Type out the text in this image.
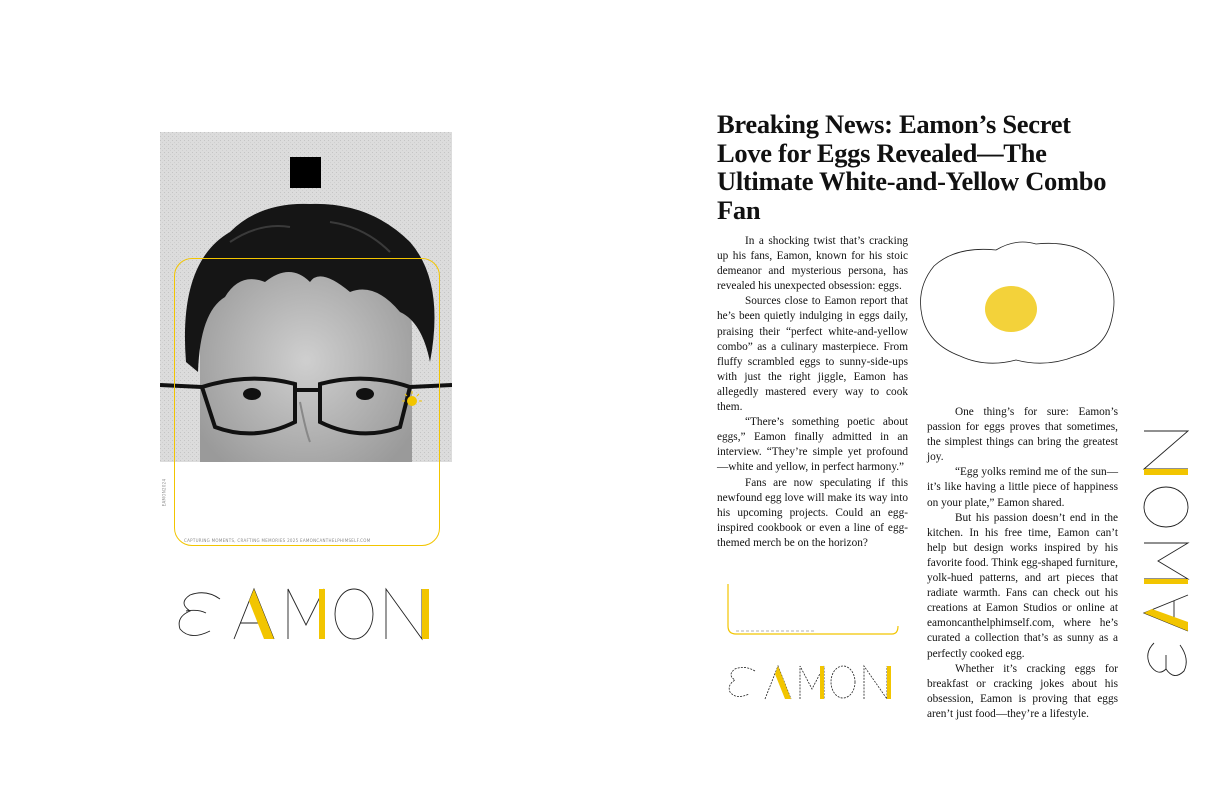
EAMON2024
CAPTURING MOMENTS, CRAFTING MEMORIES 2025 EAMONCANTHELPHIMSELF.COM
Breaking News: Eamon’s Secret Love for Eggs Revealed—The Ultimate White-and-Yellow Combo Fan

In a shocking twist that’s cracking up his fans, Eamon, known for his stoic demeanor and mysterious persona, has revealed his unexpected obsession: eggs.

Sources close to Eamon report that he’s been quietly indulging in eggs daily, praising their “perfect white-and-yellow combo” as a culinary masterpiece. From fluffy scrambled eggs to sunny-side-ups with just the right jiggle, Eamon has allegedly mastered every way to cook them.

“There’s something poetic about eggs,” Eamon finally admitted in an interview. “They’re simple yet profound—white and yellow, in perfect harmony.”

Fans are now speculating if this newfound egg love will make its way into his upcoming projects. Could an egg-inspired cookbook or even a line of egg-themed merch be on the horizon?

One thing’s for sure: Eamon’s passion for eggs proves that sometimes, the simplest things can bring the greatest joy.

“Egg yolks remind me of the sun—it’s like having a little piece of happiness on your plate,” Eamon shared.

But his passion doesn’t end in the kitchen. In his free time, Eamon can’t help but design works inspired by his favorite food. Think egg-shaped furniture, yolk-hued patterns, and art pieces that radiate warmth. Fans can check out his creations at Eamon Studios or online at eamoncanthelphimself.com, where he’s curated a collection that’s as sunny as a perfectly cooked egg.

Whether it’s cracking eggs for breakfast or cracking jokes about his obsession, Eamon is proving that eggs aren’t just food—they’re a lifestyle.
